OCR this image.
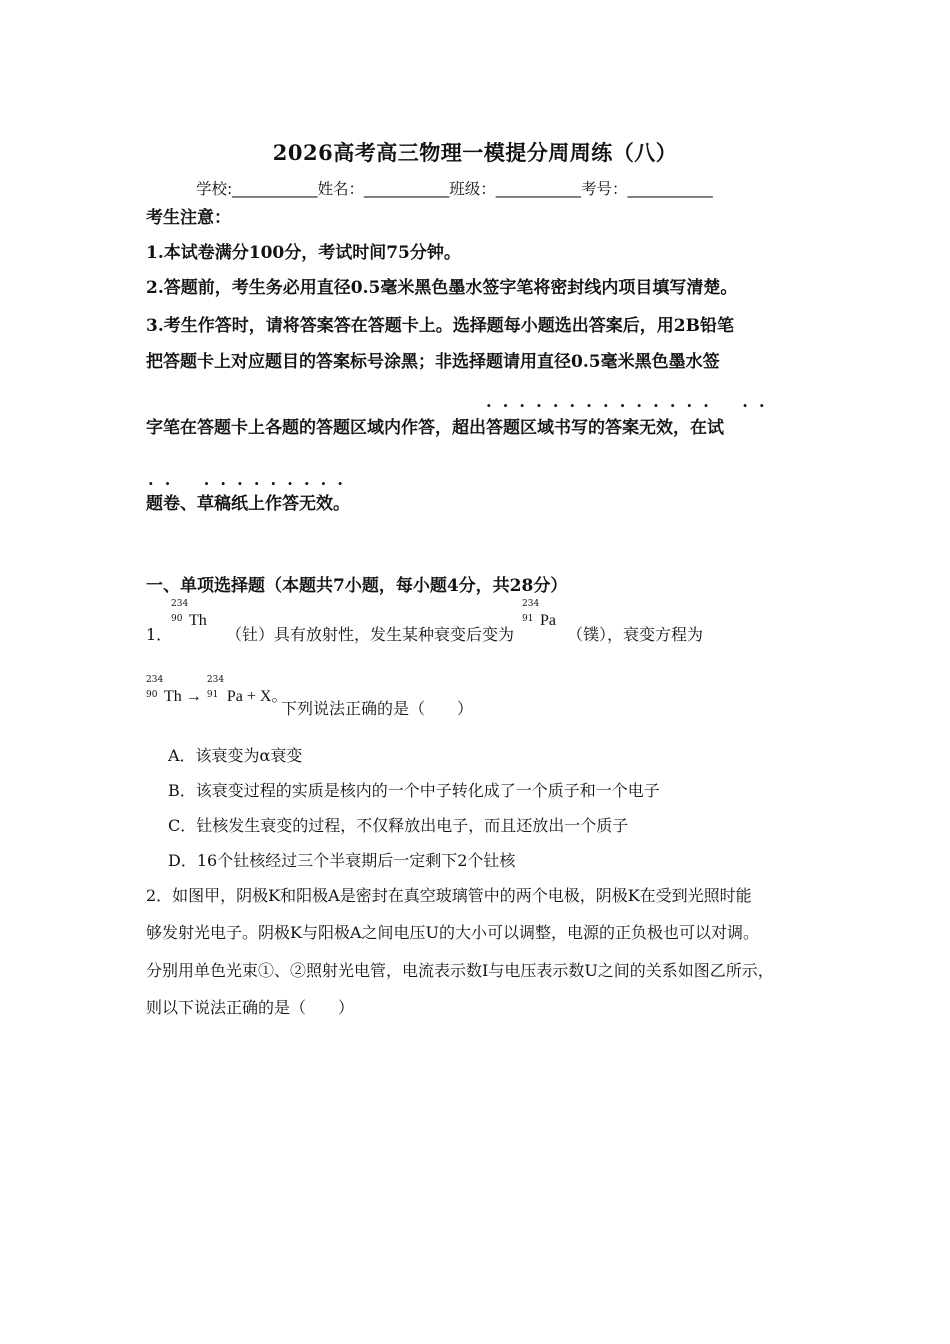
2026高考高三物理一模提分周周练（八）
学校:___________姓名：___________班级：___________考号：___________
考生注意：
1.本试卷满分100分，考试时间75分钟。
2.答题前，考生务必用直径0.5毫米黑色墨水签字笔将密封线内项目填写清楚。
3.考生作答时，请将答案答在答题卡上。选择题每小题选出答案后，用2B铅笔
把答题卡上对应题目的答案标号涂黑；非选择题请用直径0.5毫米黑色墨水签
.  .  .  .  .  .  .  .  .  .  .  .  .  .      .  .
字笔在答题卡上各题的答题区域内作答，超出答题区域书写的答案无效，在试
.  .      .  .  .  .  .  .  .  .  .
题卷、草稿纸上作答无效。
一、单项选择题（本题共7小题，每小题4分，共28分）
1．
234
90 Th
（钍）具有放射性，发生某种衰变后变为
234
91 Pa
（镤），衰变方程为
234
90 Th →
234
91 Pa + X。
下列说法正确的是（　　）
A．该衰变为α衰变
B．该衰变过程的实质是核内的一个中子转化成了一个质子和一个电子
C．钍核发生衰变的过程，不仅释放出电子，而且还放出一个质子
D．16个钍核经过三个半衰期后一定剩下2个钍核
2．如图甲，阴极K和阳极A是密封在真空玻璃管中的两个电极，阴极K在受到光照时能
够发射光电子。阴极K与阳极A之间电压U的大小可以调整，电源的正负极也可以对调。
分别用单色光束①、②照射光电管，电流表示数I与电压表示数U之间的关系如图乙所示，
则以下说法正确的是（　　）
